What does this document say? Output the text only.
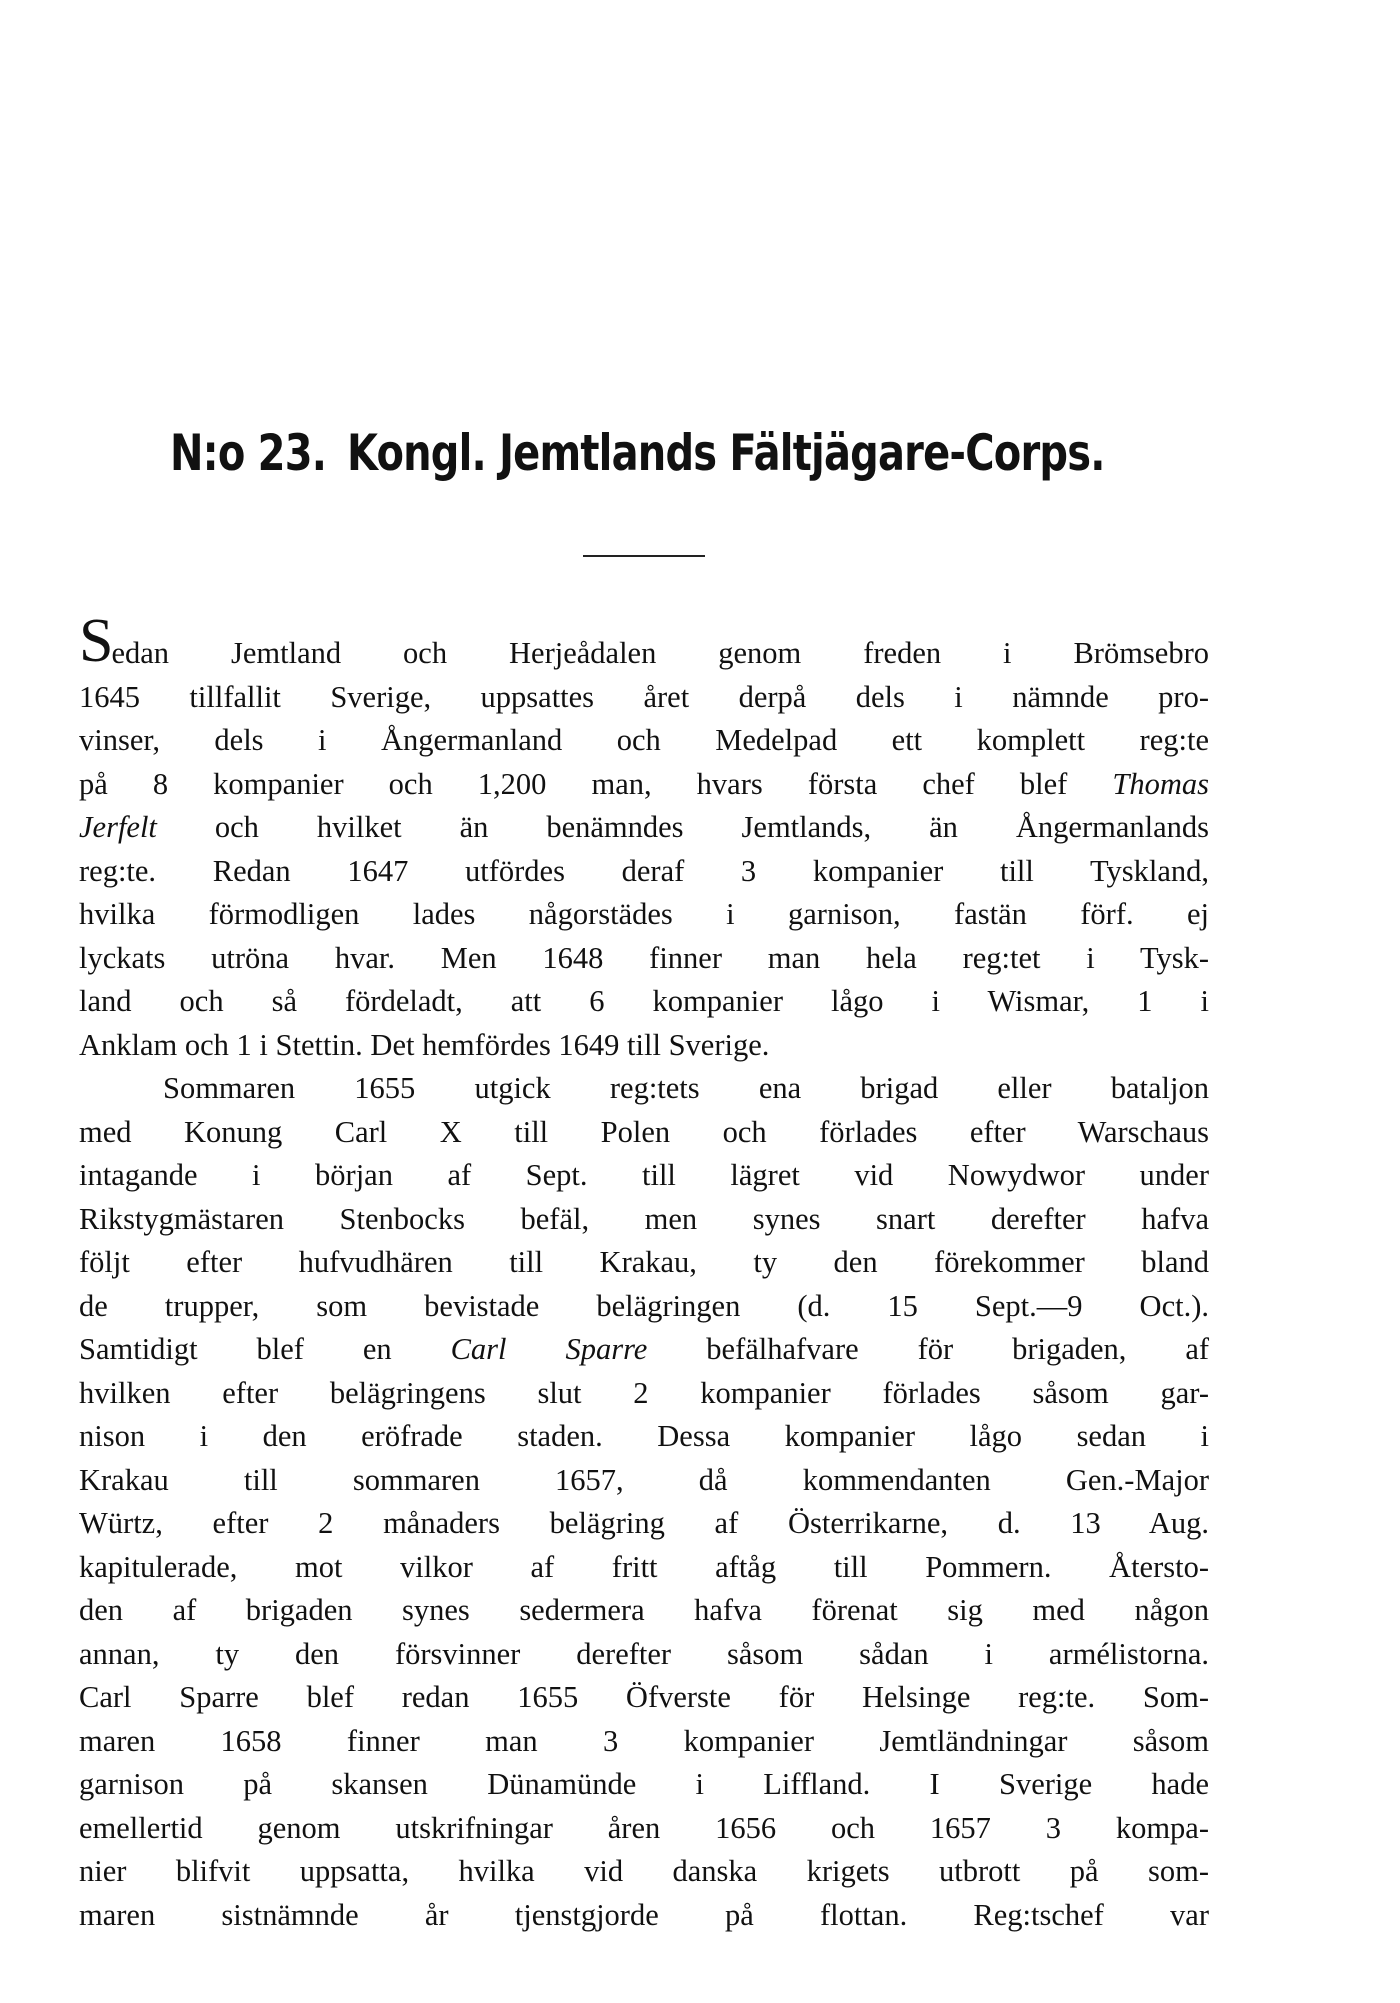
N:o 23. Kongl. Jemtlands Fältjägare-Corps.
Sedan Jemtland och Herjeådalen genom freden i Brömsebro
1645 tillfallit Sverige, uppsattes året derpå dels i nämnde pro-
vinser, dels i Ångermanland och Medelpad ett komplett reg:te
på 8 kompanier och 1,200 man, hvars första chef blef Thomas
Jerfelt och hvilket än benämndes Jemtlands, än Ångermanlands
reg:te. Redan 1647 utfördes deraf 3 kompanier till Tyskland,
hvilka förmodligen lades någorstädes i garnison, fastän förf. ej
lyckats utröna hvar. Men 1648 finner man hela reg:tet i Tysk-
land och så fördeladt, att 6 kompanier lågo i Wismar, 1 i
Anklam och 1 i Stettin. Det hemfördes 1649 till Sverige.
Sommaren 1655 utgick reg:tets ena brigad eller bataljon
med Konung Carl X till Polen och förlades efter Warschaus
intagande i början af Sept. till lägret vid Nowydwor under
Rikstygmästaren Stenbocks befäl, men synes snart derefter hafva
följt efter hufvudhären till Krakau, ty den förekommer bland
de trupper, som bevistade belägringen (d. 15 Sept.—9 Oct.).
Samtidigt blef en Carl Sparre befälhafvare för brigaden, af
hvilken efter belägringens slut 2 kompanier förlades såsom gar-
nison i den eröfrade staden. Dessa kompanier lågo sedan i
Krakau till sommaren 1657, då kommendanten Gen.-Major
Würtz, efter 2 månaders belägring af Österrikarne, d. 13 Aug.
kapitulerade, mot vilkor af fritt aftåg till Pommern. Återsto-
den af brigaden synes sedermera hafva förenat sig med någon
annan, ty den försvinner derefter såsom sådan i armélistorna.
Carl Sparre blef redan 1655 Öfverste för Helsinge reg:te. Som-
maren 1658 finner man 3 kompanier Jemtländningar såsom
garnison på skansen Dünamünde i Liffland. I Sverige hade
emellertid genom utskrifningar åren 1656 och 1657 3 kompa-
nier blifvit uppsatta, hvilka vid danska krigets utbrott på som-
maren sistnämnde år tjenstgjorde på flottan. Reg:tschef var
